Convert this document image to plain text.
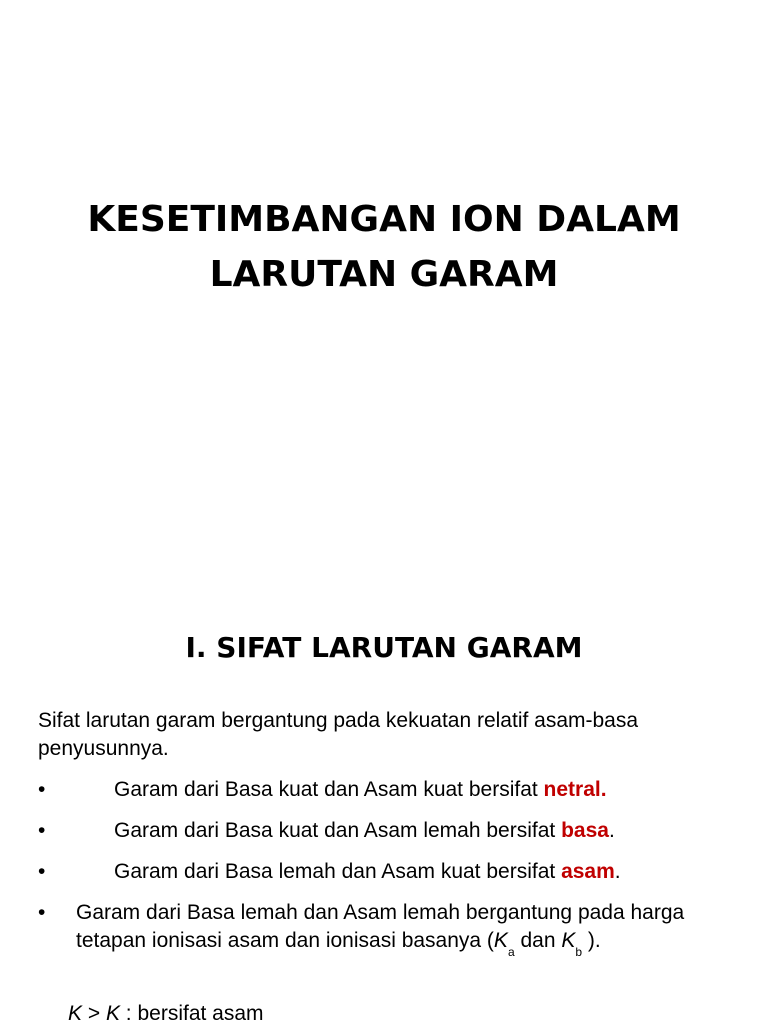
KESETIMBANGAN ION DALAM
LARUTAN GARAM
I. SIFAT LARUTAN GARAM

Sifat larutan garam bergantung pada kekuatan relatif asam-basa penyusunnya.

•	Garam dari Basa kuat dan Asam kuat bersifat netral.
•	Garam dari Basa kuat dan Asam lemah bersifat basa.
•	Garam dari Basa lemah dan Asam kuat bersifat asam.
• Garam dari Basa lemah dan Asam lemah bergantung pada harga tetapan ionisasi asam dan ionisasi basanya ($K_a$ dan $K_b$ ).
K > K : bersifat asam
